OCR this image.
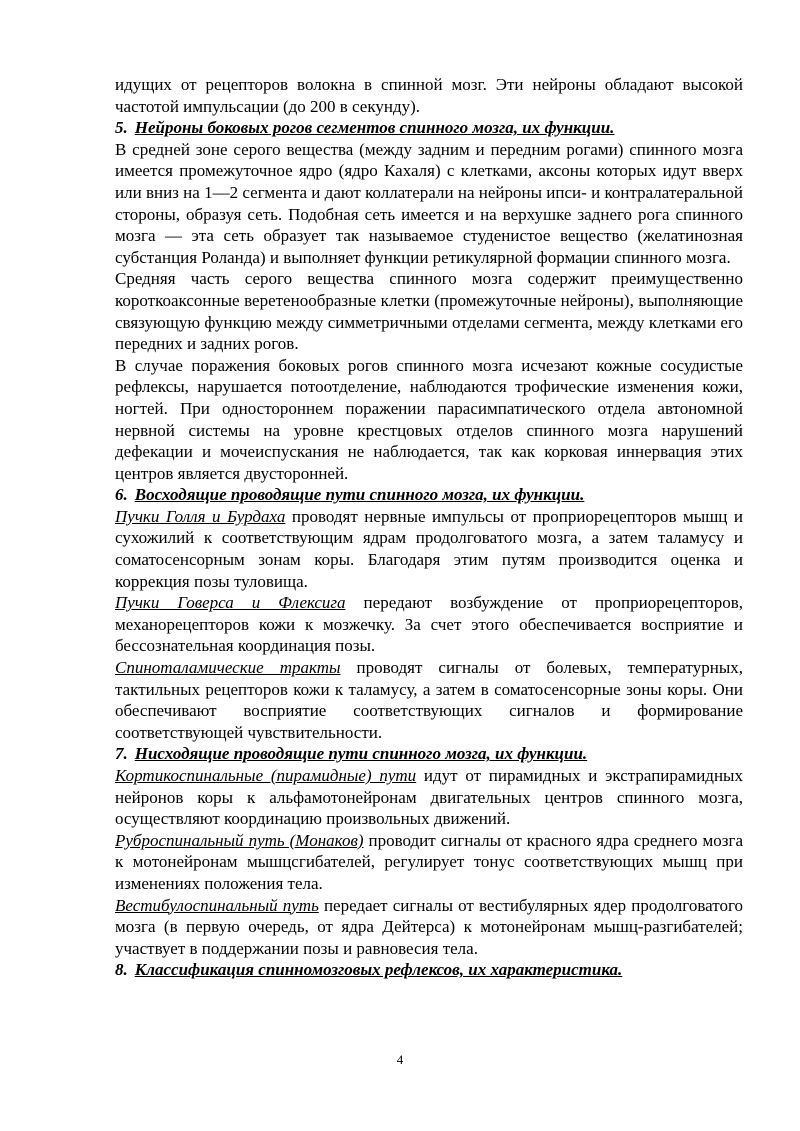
идущих от рецепторов волокна в спинной мозг. Эти нейроны обладают высокой частотой импульсации (до 200 в секунду).

5. Нейроны боковых рогов сегментов спинного мозга, их функции.

В средней зоне серого вещества (между задним и передним рогами) спинного мозга имеется промежуточное ядро (ядро Кахаля) с клетками, аксоны которых идут вверх или вниз на 1—2 сегмента и дают коллатерали на нейроны ипси- и контралатеральной стороны, образуя сеть. Подобная сеть имеется и на верхушке заднего рога спинного мозга — эта сеть образует так называемое студенистое вещество (желатинозная субстанция Роланда) и выполняет функции ретикулярной формации спинного мозга.

Средняя часть серого вещества спинного мозга содержит преимущественно короткоаксонные веретенообразные клетки (промежуточные нейроны), выполняющие связующую функцию между симметричными отделами сегмента, между клетками его передних и задних рогов.

В случае поражения боковых рогов спинного мозга исчезают кожные сосудистые рефлексы, нарушается потоотделение, наблюдаются трофические изменения кожи, ногтей. При одностороннем поражении парасимпатического отдела автономной нервной системы на уровне крестцовых отделов спинного мозга нарушений дефекации и мочеиспускания не наблюдается, так как корковая иннервация этих центров является двусторонней.

6. Восходящие проводящие пути спинного мозга, их функции.

Пучки Голля и Бурдаха проводят нервные импульсы от проприорецепторов мышц и сухожилий к соответствующим ядрам продолговатого мозга, а затем таламусу и соматосенсорным зонам коры. Благодаря этим путям производится оценка и коррекция позы туловища.

Пучки Говерса и Флексига передают возбуждение от проприорецепторов, механорецепторов кожи к мозжечку. За счет этого обеспечивается восприятие и бессознательная координация позы.

Спиноталамические тракты проводят сигналы от болевых, температурных, тактильных рецепторов кожи к таламусу, а затем в соматосенсорные зоны коры. Они обеспечивают восприятие соответствующих сигналов и формирование соответствующей чувствительности.

7. Нисходящие проводящие пути спинного мозга, их функции.

Кортикоспинальные (пирамидные) пути идут от пирамидных и экстрапирамидных нейронов коры к альфамотонейронам двигательных центров спинного мозга, осуществляют координацию произвольных движений.

Руброспинальный путь (Монаков) проводит сигналы от красного ядра среднего мозга к мотонейронам мышцсгибателей, регулирует тонус соответствующих мышц при изменениях положения тела.

Вестибулоспинальный путь передает сигналы от вестибулярных ядер продолговатого мозга (в первую очередь, от ядра Дейтерса) к мотонейронам мышц-разгибателей; участвует в поддержании позы и равновесия тела.

8. Классификация спинномозговых рефлексов, их характеристика.

4
